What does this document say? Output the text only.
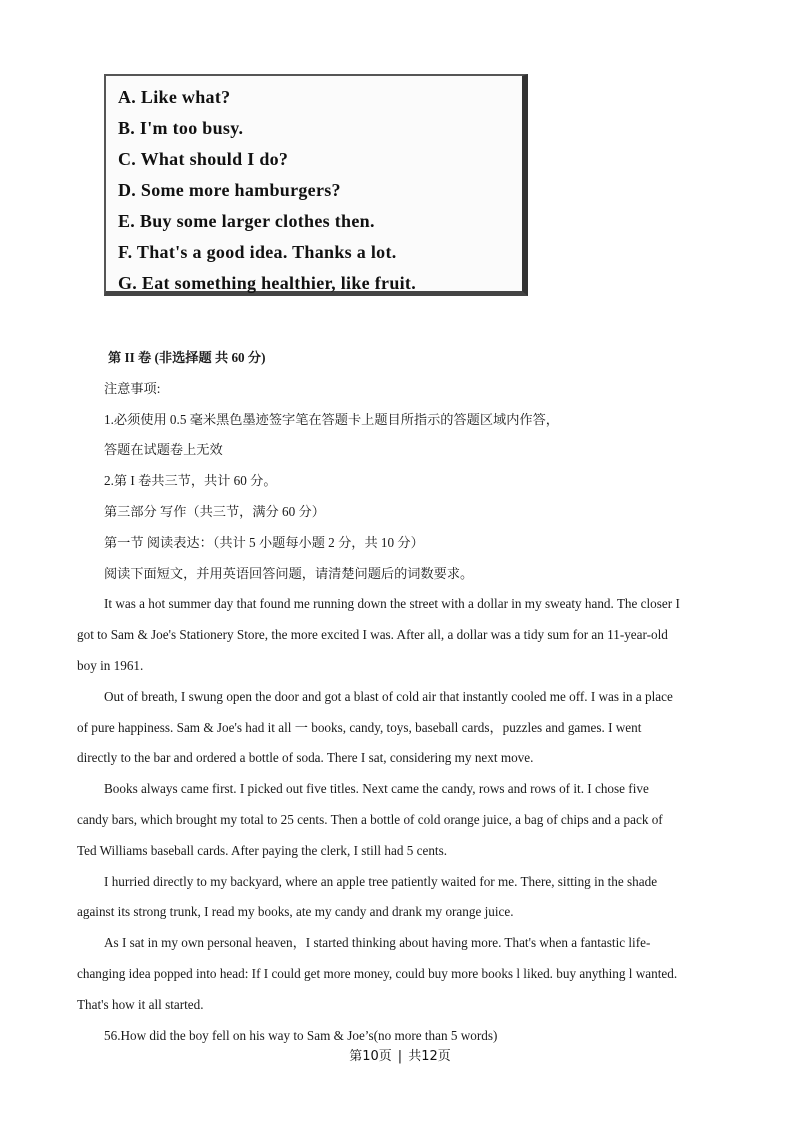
A. Like what?
B. I'm too busy.
C. What should I do?
D. Some more hamburgers?
E. Buy some larger clothes then.
F. That's a good idea. Thanks a lot.
G. Eat something healthier, like fruit.
第 II 卷 (非选择题 共 60 分)
注意事项:
1.必须使用 0.5 毫米黑色墨迹签字笔在答题卡上题目所指示的答题区域内作答，
答题在试题卷上无效
2.第 I 卷共三节，共计 60 分。
第三部分 写作（共三节，满分 60 分）
第一节 阅读表达：（共计 5 小题每小题 2 分，共 10 分）
阅读下面短文，并用英语回答问题，请清楚问题后的词数要求。
It was a hot summer day that found me running down the street with a dollar in my sweaty hand. The closer I
got to Sam & Joe's Stationery Store, the more excited I was. After all, a dollar was a tidy sum for an 11-year-old
boy in 1961.
Out of breath, I swung open the door and got a blast of cold air that instantly cooled me off. I was in a place
of pure happiness. Sam & Joe's had it all 一 books, candy, toys, baseball cards，puzzles and games. I went
directly to the bar and ordered a bottle of soda. There I sat, considering my next move.
Books always came first. I picked out five titles. Next came the candy, rows and rows of it. I chose five
candy bars, which brought my total to 25 cents. Then a bottle of cold orange juice, a bag of chips and a pack of
Ted Williams baseball cards. After paying the clerk, I still had 5 cents.
I hurried directly to my backyard, where an apple tree patiently waited for me. There, sitting in the shade
against its strong trunk, I read my books, ate my candy and drank my orange juice.
As I sat in my own personal heaven，I started thinking about having more. That's when a fantastic life-
changing idea popped into head: If I could get more money, could buy more books l liked. buy anything l wanted.
That's how it all started.
56.How did the boy fell on his way to Sam & Joe’s(no more than 5 words)
第10页 | 共12页
